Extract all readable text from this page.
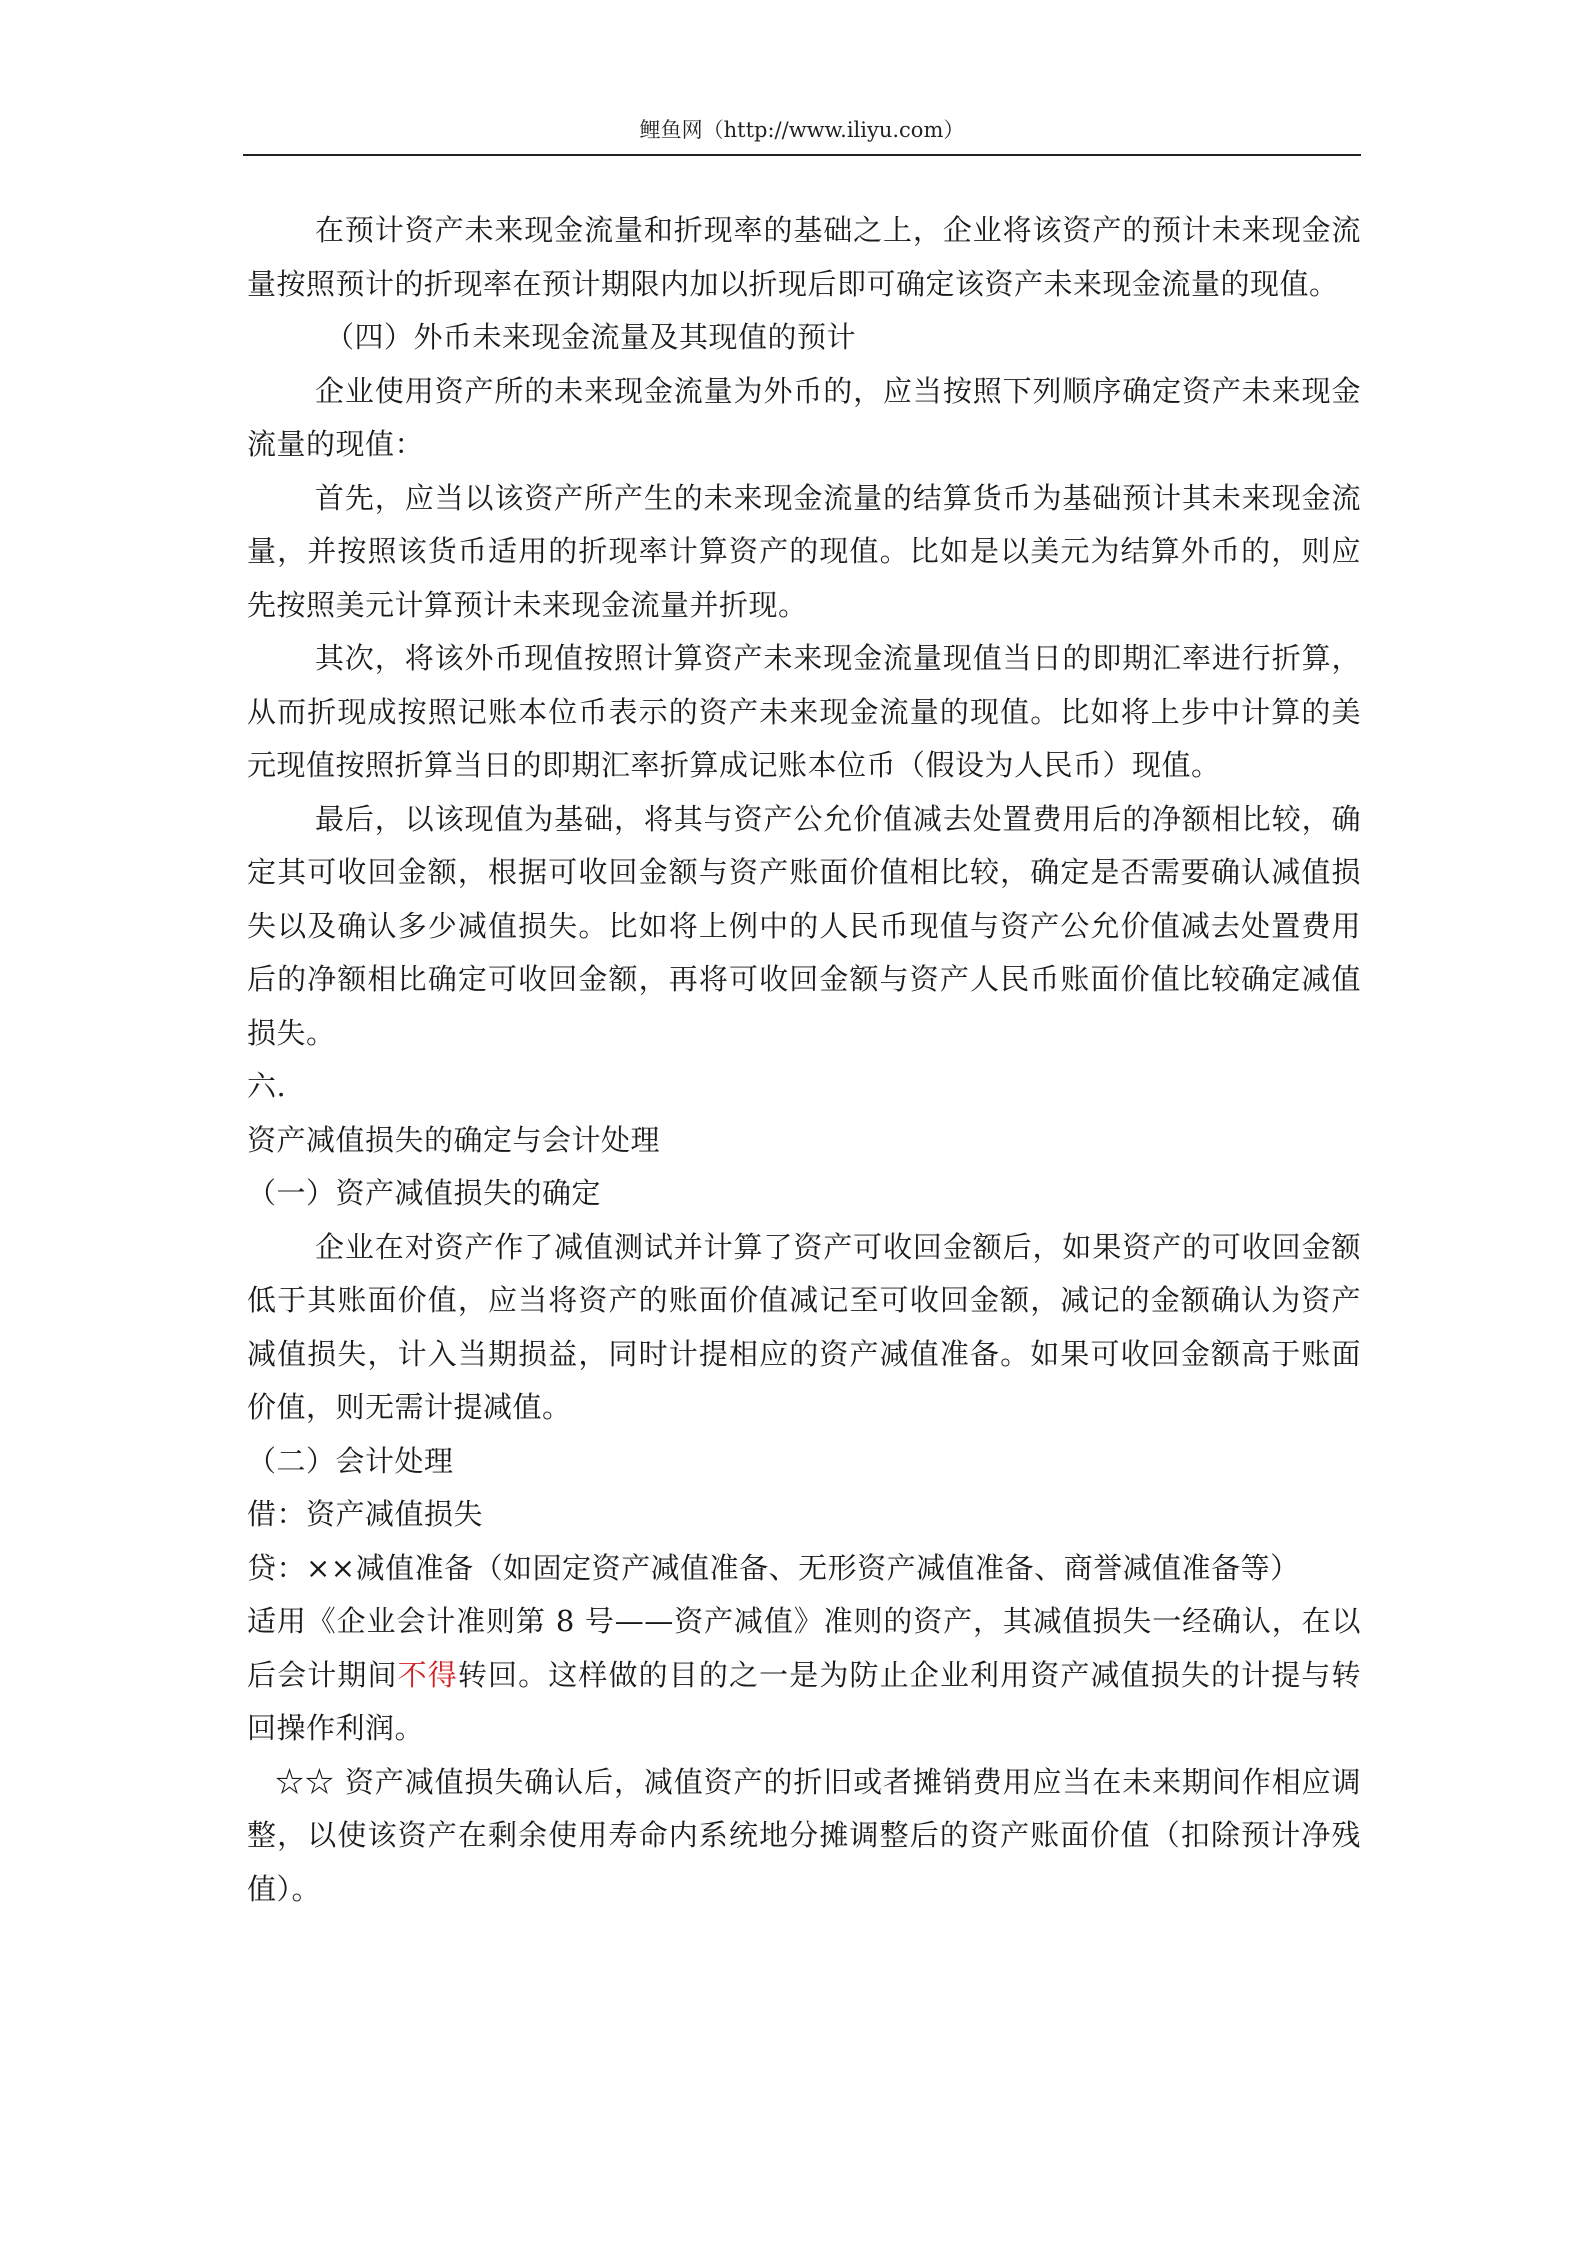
鲤鱼网（http://www.iliyu.com）

在预计资产未来现金流量和折现率的基础之上，企业将该资产的预计未来现金流量按照预计的折现率在预计期限内加以折现后即可确定该资产未来现金流量的现值。

（四）外币未来现金流量及其现值的预计

企业使用资产所的未来现金流量为外币的，应当按照下列顺序确定资产未来现金流量的现值：

首先，应当以该资产所产生的未来现金流量的结算货币为基础预计其未来现金流量，并按照该货币适用的折现率计算资产的现值。比如是以美元为结算外币的，则应先按照美元计算预计未来现金流量并折现。

其次，将该外币现值按照计算资产未来现金流量现值当日的即期汇率进行折算，从而折现成按照记账本位币表示的资产未来现金流量的现值。比如将上步中计算的美元现值按照折算当日的即期汇率折算成记账本位币（假设为人民币）现值。

最后，以该现值为基础，将其与资产公允价值减去处置费用后的净额相比较，确定其可收回金额，根据可收回金额与资产账面价值相比较，确定是否需要确认减值损失以及确认多少减值损失。比如将上例中的人民币现值与资产公允价值减去处置费用后的净额相比确定可收回金额，再将可收回金额与资产人民币账面价值比较确定减值损失。

六.

资产减值损失的确定与会计处理

（一）资产减值损失的确定

企业在对资产作了减值测试并计算了资产可收回金额后，如果资产的可收回金额低于其账面价值，应当将资产的账面价值减记至可收回金额，减记的金额确认为资产减值损失，计入当期损益，同时计提相应的资产减值准备。如果可收回金额高于账面价值，则无需计提减值。

（二）会计处理

借：资产减值损失

贷：××减值准备（如固定资产减值准备、无形资产减值准备、商誉减值准备等）

适用《企业会计准则第 8 号——资产减值》准则的资产，其减值损失一经确认，在以后会计期间不得转回。这样做的目的之一是为防止企业利用资产减值损失的计提与转回操作利润。

☆☆ 资产减值损失确认后，减值资产的折旧或者摊销费用应当在未来期间作相应调整，以使该资产在剩余使用寿命内系统地分摊调整后的资产账面价值（扣除预计净残值）。
